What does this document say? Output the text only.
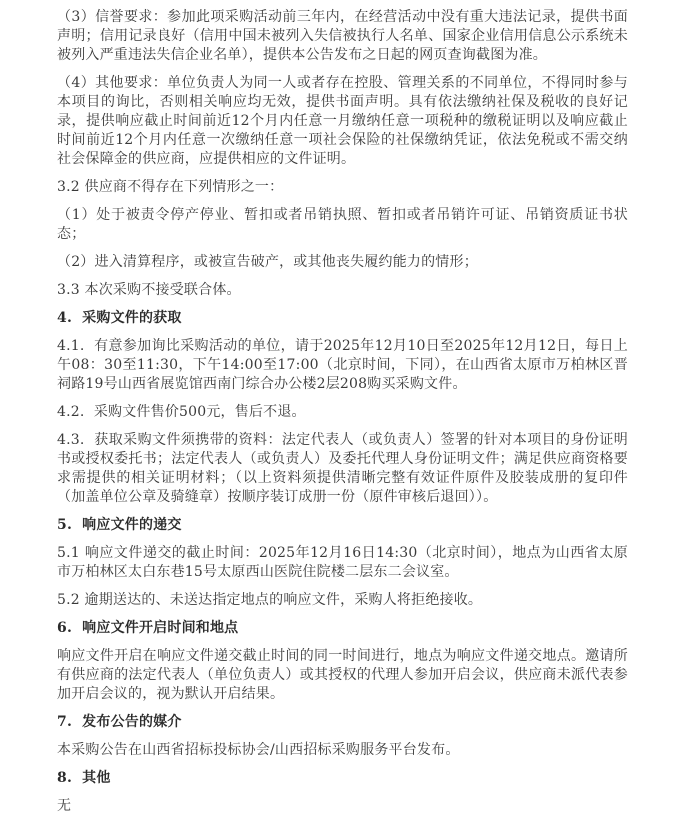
（3）信誉要求：参加此项采购活动前三年内，在经营活动中没有重大违法记录，提供书面声明；信用记录良好（信用中国未被列入失信被执行人名单、国家企业信用信息公示系统未被列入严重违法失信企业名单），提供本公告发布之日起的网页查询截图为准。

（4）其他要求：单位负责人为同一人或者存在控股、管理关系的不同单位，不得同时参与本项目的询比，否则相关响应均无效，提供书面声明。具有依法缴纳社保及税收的良好记录，提供响应截止时间前近12个月内任意一月缴纳任意一项税种的缴税证明以及响应截止时间前近12个月内任意一次缴纳任意一项社会保险的社保缴纳凭证，依法免税或不需交纳社会保障金的供应商，应提供相应的文件证明。

3.2 供应商不得存在下列情形之一：

（1）处于被责令停产停业、暂扣或者吊销执照、暂扣或者吊销许可证、吊销资质证书状态；

（2）进入清算程序，或被宣告破产，或其他丧失履约能力的情形；

3.3 本次采购不接受联合体。

4.  采购文件的获取

4.1.  有意参加询比采购活动的单位，请于2025年12月10日至2025年12月12日，每日上午08：30至11:30，下午14:00至17:00（北京时间，下同），在山西省太原市万柏林区晋祠路19号山西省展览馆西南门综合办公楼2层208购买采购文件。

4.2.  采购文件售价500元，售后不退。

4.3.  获取采购文件须携带的资料：法定代表人（或负责人）签署的针对本项目的身份证明书或授权委托书；法定代表人（或负责人）及委托代理人身份证明文件；满足供应商资格要求需提供的相关证明材料；（以上资料须提供清晰完整有效证件原件及胶装成册的复印件（加盖单位公章及骑缝章）按顺序装订成册一份（原件审核后退回））。

5.  响应文件的递交

5.1 响应文件递交的截止时间：2025年12月16日14:30（北京时间），地点为山西省太原市万柏林区太白东巷15号太原西山医院住院楼二层东二会议室。

5.2 逾期送达的、未送达指定地点的响应文件，采购人将拒绝接收。

6.  响应文件开启时间和地点

响应文件开启在响应文件递交截止时间的同一时间进行，地点为响应文件递交地点。邀请所有供应商的法定代表人（单位负责人）或其授权的代理人参加开启会议，供应商未派代表参加开启会议的，视为默认开启结果。

7.  发布公告的媒介

本采购公告在山西省招标投标协会/山西招标采购服务平台发布。

8.  其他

无
